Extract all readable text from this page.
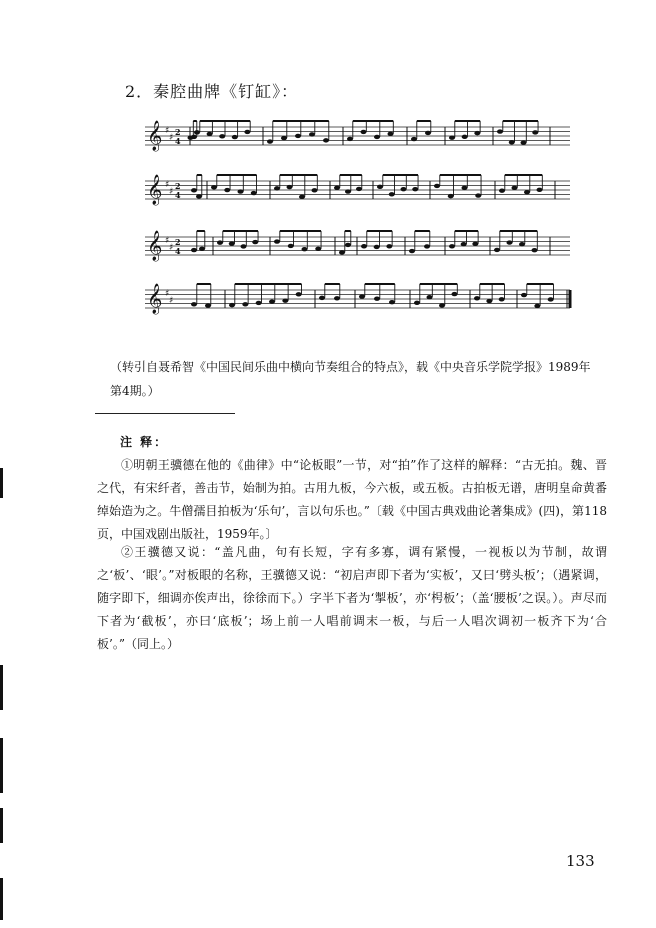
2．秦腔曲牌《钉缸》：
𝄞 ♯
♯
2
4
𝄞 ♯
♯
2
4
𝄞 ♯
♯
2
4
𝄞 ♯
♯
（转引自聂希智《中国民间乐曲中横向节奏组合的特点》，载《中央音乐学院学报》1989年第4期。）
注 释：
①明朝王骥德在他的《曲律》中“论板眼”一节，对“拍”作了这样的解释：“古无拍。魏、晋之代，有宋纤者，善击节，始制为拍。古用九板，今六板，或五板。古拍板无谱，唐明皇命黄番绰始造为之。牛僧孺目拍板为‘乐句’，言以句乐也。”〔载《中国古典戏曲论著集成》(四)，第118页，中国戏剧出版社，1959年。〕
②王骥德又说：“盖凡曲，句有长短，字有多寡，调有紧慢，一视板以为节制，故谓之‘板’、‘眼’。”对板眼的名称，王骥德又说：“初启声即下者为‘实板’，又曰‘劈头板’；（遇紧调，随字即下，细调亦俟声出，徐徐而下。）字半下者为‘掣板’，亦‘枵板’；（盖‘腰板’之误。）。声尽而下者为‘截板’，亦曰‘底板’；场上前一人唱前调末一板，与后一人唱次调初一板齐下为‘合板’。”（同上。）
133
